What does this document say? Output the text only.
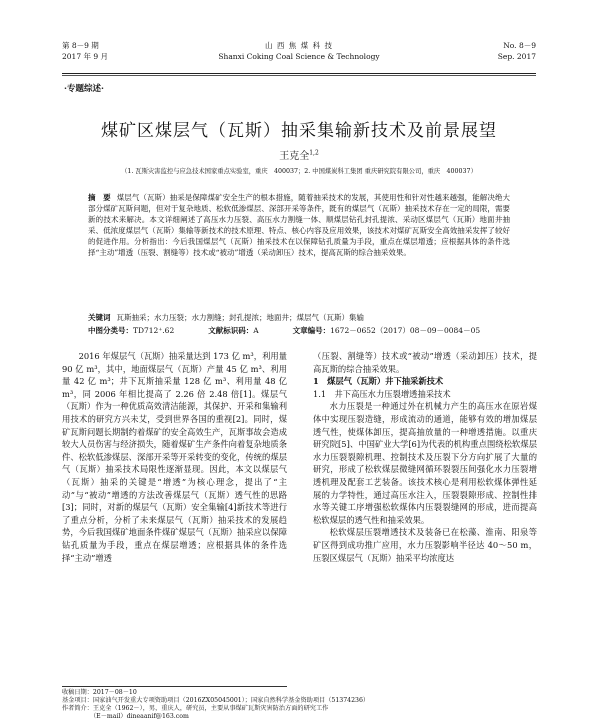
第 8－9 期
2017 年 9 月
山 西 焦 煤 科 技
Shanxi Coking Coal Science & Technology
No. 8－9
Sep. 2017
·专题综述·
煤矿区煤层气（瓦斯）抽采集输新技术及前景展望
王克全$^{1,2}$
（1. 瓦斯灾害监控与应急技术国家重点实验室，重庆　400037；2. 中国煤炭科工集团 重庆研究院有限公司，重庆　400037）
摘　要 煤层气（瓦斯）抽采是保障煤矿安全生产的根本措施，随着抽采技术的发展，其使用性和针对性越来越强，能解决绝大部分煤矿瓦斯问题，但对于复杂地质、松软低渗煤层、深部开采等条件，既有的煤层气（瓦斯）抽采技术存在一定的局限，需要新的技术来解决。本文详细阐述了高压水力压裂、高压水力割缝一体、顺煤层钻孔封孔提浓、采动区煤层气（瓦斯）地面井抽采、低浓度煤层气（瓦斯）集输等新技术的技术原理、特点、核心内容及应用效果，该技术对煤矿瓦斯安全高效抽采发挥了较好的促进作用。分析指出：今后我国煤层气（瓦斯）抽采技术在以保障钻孔质量为手段，重点在煤层增透；应根据具体的条件选择“主动”增透（压裂、割缝等）技术或“被动”增透（采动卸压）技术，提高瓦斯的综合抽采效果。
关键词 瓦斯抽采；水力压裂；水力割缝；封孔提浓；地面井；煤层气（瓦斯）集输
中图分类号：TD712⁺.62	文献标识码：A	文章编号：1672－0652（2017）08－09－0084－05

2016 年煤层气（瓦斯）抽采量达到 173 亿 m³，利用量 90 亿 m³，其中，地面煤层气（瓦斯）产量 45 亿 m³、利用量 42 亿 m³；井下瓦斯抽采量 128 亿 m³、利用量 48 亿 m³，同 2006 年相比提高了 2.26 倍 2.48 倍[1]。煤层气（瓦斯）作为一种优质高效清洁能源，其保护、开采和集输利用技术的研究方兴未艾，受到世界各国的重视[2]。同时，煤矿瓦斯问题长期制约着煤矿的安全高效生产，瓦斯事故会造成较大人员伤害与经济损失，随着煤矿生产条件向着复杂地质条件、松软低渗煤层、深部开采等开采转变的变化，传统的煤层气（瓦斯）抽采技术局限性逐渐显现。因此，本文以煤层气（瓦斯）抽采的关键是“增透”为核心理念，提出了“主动”与“被动”增透的方法改善煤层气（瓦斯）透气性的思路[3]；同时，对新的煤层气（瓦斯）安全集输[4]新技术等进行了重点分析，分析了未来煤层气（瓦斯）抽采技术的发展趋势，今后我国煤矿地面条件煤矿煤层气（瓦斯）抽采应以保障钻孔质量为手段，重点在煤层增透；应根据具体的条件选择“主动”增透

（压裂、割缝等）技术或“被动”增透（采动卸压）技术，提高瓦斯的综合抽采效果。

1　煤层气（瓦斯）井下抽采新技术

1.1　井下高压水力压裂增透抽采技术

水力压裂是一种通过外在机械力产生的高压水在原岩煤体中实现压裂造缝，形成流动的通道，能够有效的增加煤层透气性，使煤体卸压，提高抽放量的一种增透措施。以重庆研究院[5]、中国矿业大学[6]为代表的机构重点围绕松软煤层水力压裂裂隙机理、控制技术及压裂下分方向扩展了大量的研究，形成了松软煤层微缝网循环裂裂压间强化水力压裂增透机理及配套工艺装备。该技术核心是利用松软煤体弹性延展的力学特性，通过高压水注入，压裂裂隙形成、控制性排水等关键工序增强松软煤体内压裂裂缝网的形成，进而提高松软煤层的透气性和抽采效果。

松软煤层压裂增透技术及装备已在松藻、淮南、阳泉等矿区得到成功推广应用，水力压裂影响半径达 40～50 m，压裂区煤层气（瓦斯）抽采平均浓度达

收稿日期：2017－08－10
基金项目：国家油气开发重大专项资助项目（2016ZX05045001）；国家自然科学基金资助项目（51374236）
作者简介：王克全（1962－），男，重庆人，研究员，主要从事煤矿瓦斯灾害防治方面的研究工作
（E－mail）dineaanif@163.com
